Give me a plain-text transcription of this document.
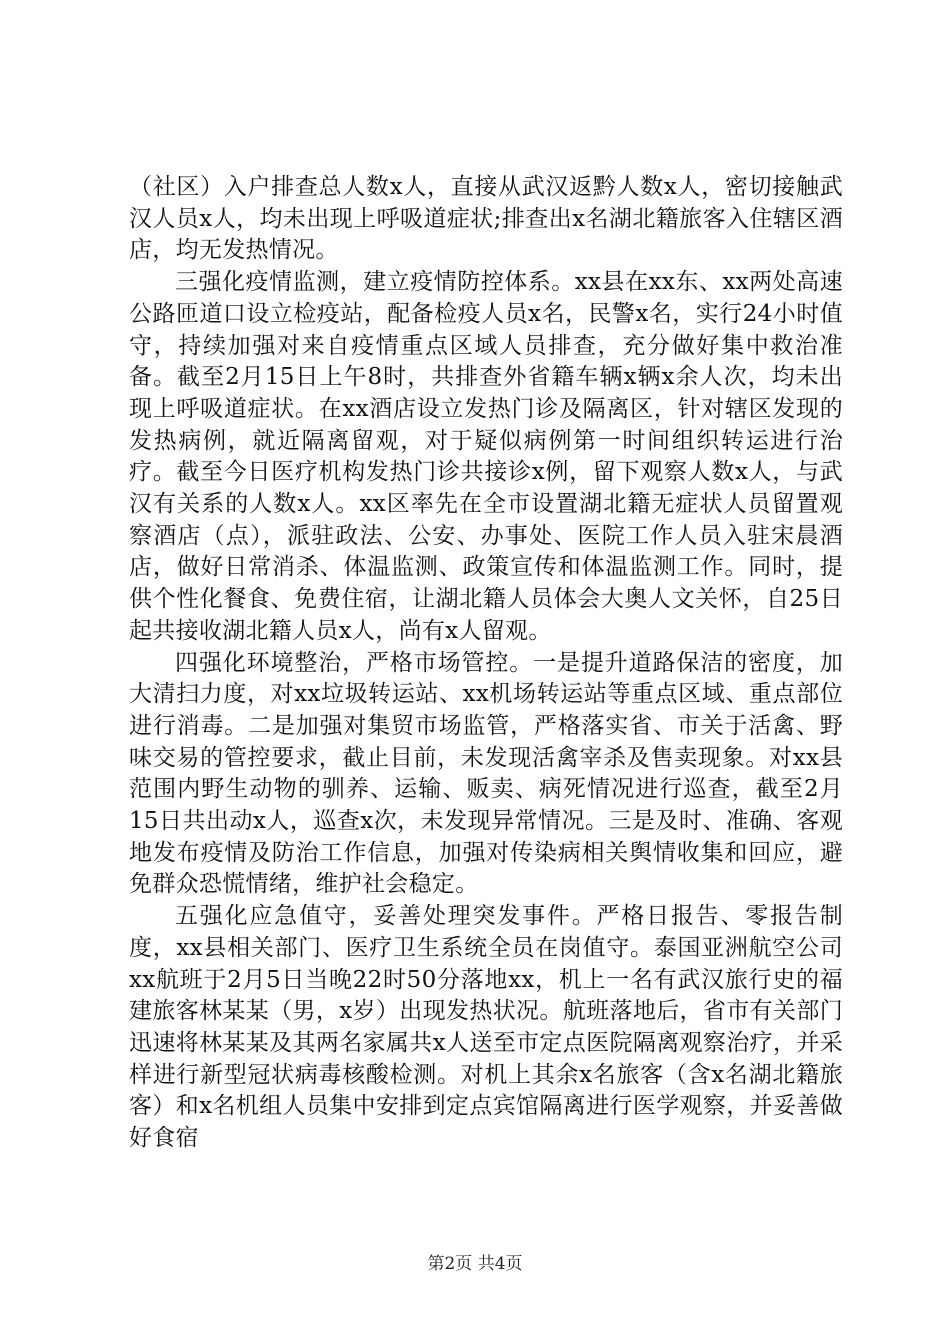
（社区）入户排查总人数x人，直接从武汉返黔人数x人，密切接触武汉人员x人，均未出现上呼吸道症状;排查出x名湖北籍旅客入住辖区酒店，均无发热情况。

三强化疫情监测，建立疫情防控体系。xx县在xx东、xx两处高速公路匝道口设立检疫站，配备检疫人员x名，民警x名，实行24小时值守，持续加强对来自疫情重点区域人员排查，充分做好集中救治准备。截至2月15日上午8时，共排查外省籍车辆x辆x余人次，均未出现上呼吸道症状。在xx酒店设立发热门诊及隔离区，针对辖区发现的发热病例，就近隔离留观，对于疑似病例第一时间组织转运进行治疗。截至今日医疗机构发热门诊共接诊x例，留下观察人数x人，与武汉有关系的人数x人。xx区率先在全市设置湖北籍无症状人员留置观察酒店（点），派驻政法、公安、办事处、医院工作人员入驻宋晨酒店，做好日常消杀、体温监测、政策宣传和体温监测工作。同时，提供个性化餐食、免费住宿，让湖北籍人员体会大奥人文关怀，自25日起共接收湖北籍人员x人，尚有x人留观。

四强化环境整治，严格市场管控。一是提升道路保洁的密度，加大清扫力度，对xx垃圾转运站、xx机场转运站等重点区域、重点部位进行消毒。二是加强对集贸市场监管，严格落实省、市关于活禽、野味交易的管控要求，截止目前，未发现活禽宰杀及售卖现象。对xx县范围内野生动物的驯养、运输、贩卖、病死情况进行巡查，截至2月15日共出动x人，巡查x次，未发现异常情况。三是及时、准确、客观地发布疫情及防治工作信息，加强对传染病相关舆情收集和回应，避免群众恐慌情绪，维护社会稳定。

五强化应急值守，妥善处理突发事件。严格日报告、零报告制度，xx县相关部门、医疗卫生系统全员在岗值守。泰国亚洲航空公司xx航班于2月5日当晚22时50分落地xx，机上一名有武汉旅行史的福建旅客林某某（男，x岁）出现发热状况。航班落地后，省市有关部门迅速将林某某及其两名家属共x人送至市定点医院隔离观察治疗，并采样进行新型冠状病毒核酸检测。对机上其余x名旅客（含x名湖北籍旅客）和x名机组人员集中安排到定点宾馆隔离进行医学观察，并妥善做好食宿

第2页 共4页
